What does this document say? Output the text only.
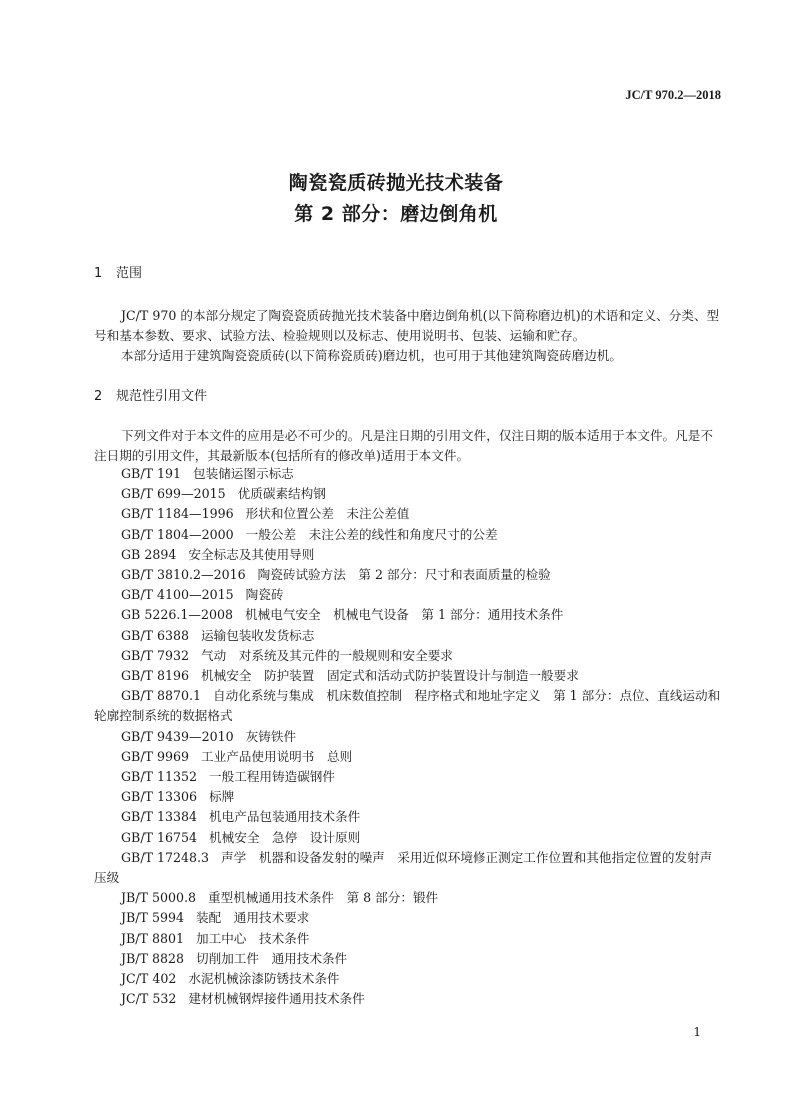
JC/T 970.2—2018
陶瓷瓷质砖抛光技术装备
第 2 部分：磨边倒角机
1 范围

JC/T 970 的本部分规定了陶瓷瓷质砖抛光技术装备中磨边倒角机(以下简称磨边机)的术语和定义、分类、型号和基本参数、要求、试验方法、检验规则以及标志、使用说明书、包装、运输和贮存。

本部分适用于建筑陶瓷瓷质砖(以下简称瓷质砖)磨边机，也可用于其他建筑陶瓷砖磨边机。

2 规范性引用文件

下列文件对于本文件的应用是必不可少的。凡是注日期的引用文件，仅注日期的版本适用于本文件。凡是不注日期的引用文件，其最新版本(包括所有的修改单)适用于本文件。

GB/T 191 包装储运图示标志
GB/T 699—2015 优质碳素结构钢
GB/T 1184—1996 形状和位置公差　未注公差值
GB/T 1804—2000 一般公差　未注公差的线性和角度尺寸的公差
GB 2894 安全标志及其使用导则
GB/T 3810.2—2016 陶瓷砖试验方法　第 2 部分：尺寸和表面质量的检验
GB/T 4100—2015 陶瓷砖
GB 5226.1—2008 机械电气安全　机械电气设备　第 1 部分：通用技术条件
GB/T 6388 运输包装收发货标志
GB/T 7932 气动　对系统及其元件的一般规则和安全要求
GB/T 8196 机械安全　防护装置　固定式和活动式防护装置设计与制造一般要求
GB/T 8870.1 自动化系统与集成　机床数值控制　程序格式和地址字定义　第 1 部分：点位、直线运动和轮廓控制系统的数据格式
GB/T 9439—2010 灰铸铁件
GB/T 9969 工业产品使用说明书　总则
GB/T 11352 一般工程用铸造碳钢件
GB/T 13306 标牌
GB/T 13384 机电产品包装通用技术条件
GB/T 16754 机械安全　急停　设计原则
GB/T 17248.3 声学　机器和设备发射的噪声　采用近似环境修正测定工作位置和其他指定位置的发射声压级
JB/T 5000.8 重型机械通用技术条件　第 8 部分：锻件
JB/T 5994 装配　通用技术要求
JB/T 8801 加工中心　技术条件
JB/T 8828 切削加工件　通用技术条件
JC/T 402 水泥机械涂漆防锈技术条件
JC/T 532 建材机械钢焊接件通用技术条件
1
